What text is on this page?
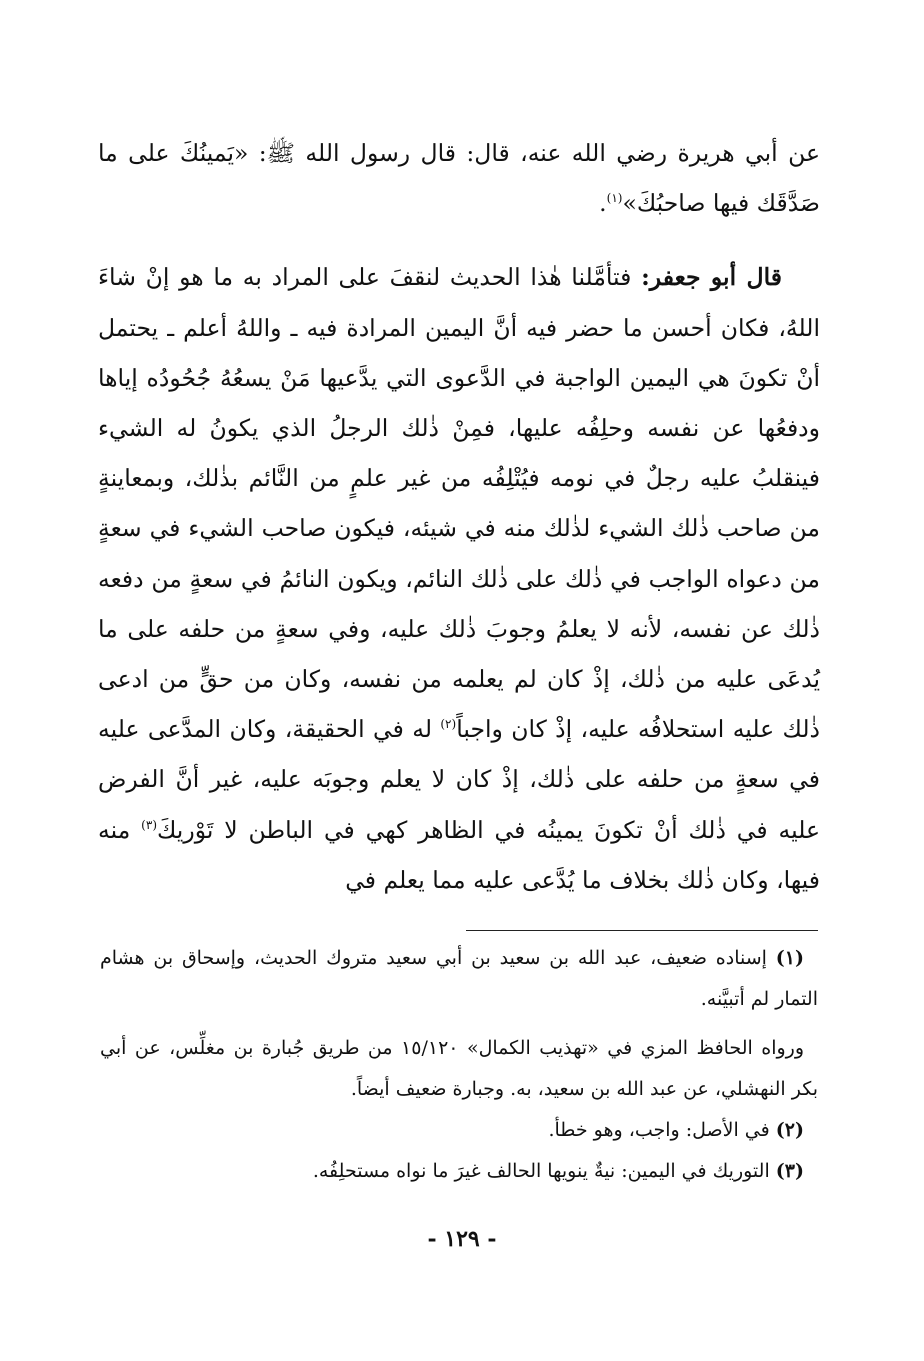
عن أبي هريرة رضي الله عنه، قال: قال رسول الله ﷺ: «يَمينُكَ على ما صَدَّقَك فيها صاحبُكَ»$^{(١)}$.

قال أبو جعفر: فتأمَّلنا هٰذا الحديث لنقفَ على المراد به ما هو إنْ شاءَ اللهُ، فكان أحسن ما حضر فيه أنَّ اليمين المرادة فيه ـ واللهُ أعلم ـ يحتمل أنْ تكونَ هي اليمين الواجبة في الدَّعوى التي يدَّعيها مَنْ يسعُهُ جُحُودُه إياها ودفعُها عن نفسه وحلِفُه عليها، فمِنْ ذٰلك الرجلُ الذي يكونُ له الشيء فينقلبُ عليه رجلٌ في نومه فيُتْلِفُه من غير علمٍ من النَّائم بذٰلك، وبمعاينةٍ من صاحب ذٰلك الشيء لذٰلك منه في شيئه، فيكون صاحب الشيء في سعةٍ من دعواه الواجب في ذٰلك على ذٰلك النائم، ويكون النائمُ في سعةٍ من دفعه ذٰلك عن نفسه، لأنه لا يعلمُ وجوبَ ذٰلك عليه، وفي سعةٍ من حلفه على ما يُدعَى عليه من ذٰلك، إذْ كان لم يعلمه من نفسه، وكان من حقٍّ من ادعى ذٰلك عليه استحلافُه عليه، إذْ كان واجباً$^{(٢)}$ له في الحقيقة، وكان المدَّعى عليه في سعةٍ من حلفه على ذٰلك، إذْ كان لا يعلم وجوبَه عليه، غير أنَّ الفرض عليه في ذٰلك أنْ تكونَ يمينُه في الظاهر كهي في الباطن لا تَوْريكَ$^{(٣)}$ منه فيها، وكان ذٰلك بخلاف ما يُدَّعى عليه مما يعلم في

(١) إسناده ضعيف، عبد الله بن سعيد بن أبي سعيد متروك الحديث، وإسحاق بن هشام التمار لم أتبيَّنه.

ورواه الحافظ المزي في «تهذيب الكمال» ١٥/١٢٠ من طريق جُبارة بن مغلِّس، عن أبي بكر النهشلي، عن عبد الله بن سعيد، به. وجبارة ضعيف أيضاً.

(٢) في الأصل: واجب، وهو خطأ.

(٣) التوريك في اليمين: نيةٌ ينويها الحالف غيرَ ما نواه مستحلِفُه.

- ١٢٩ -
